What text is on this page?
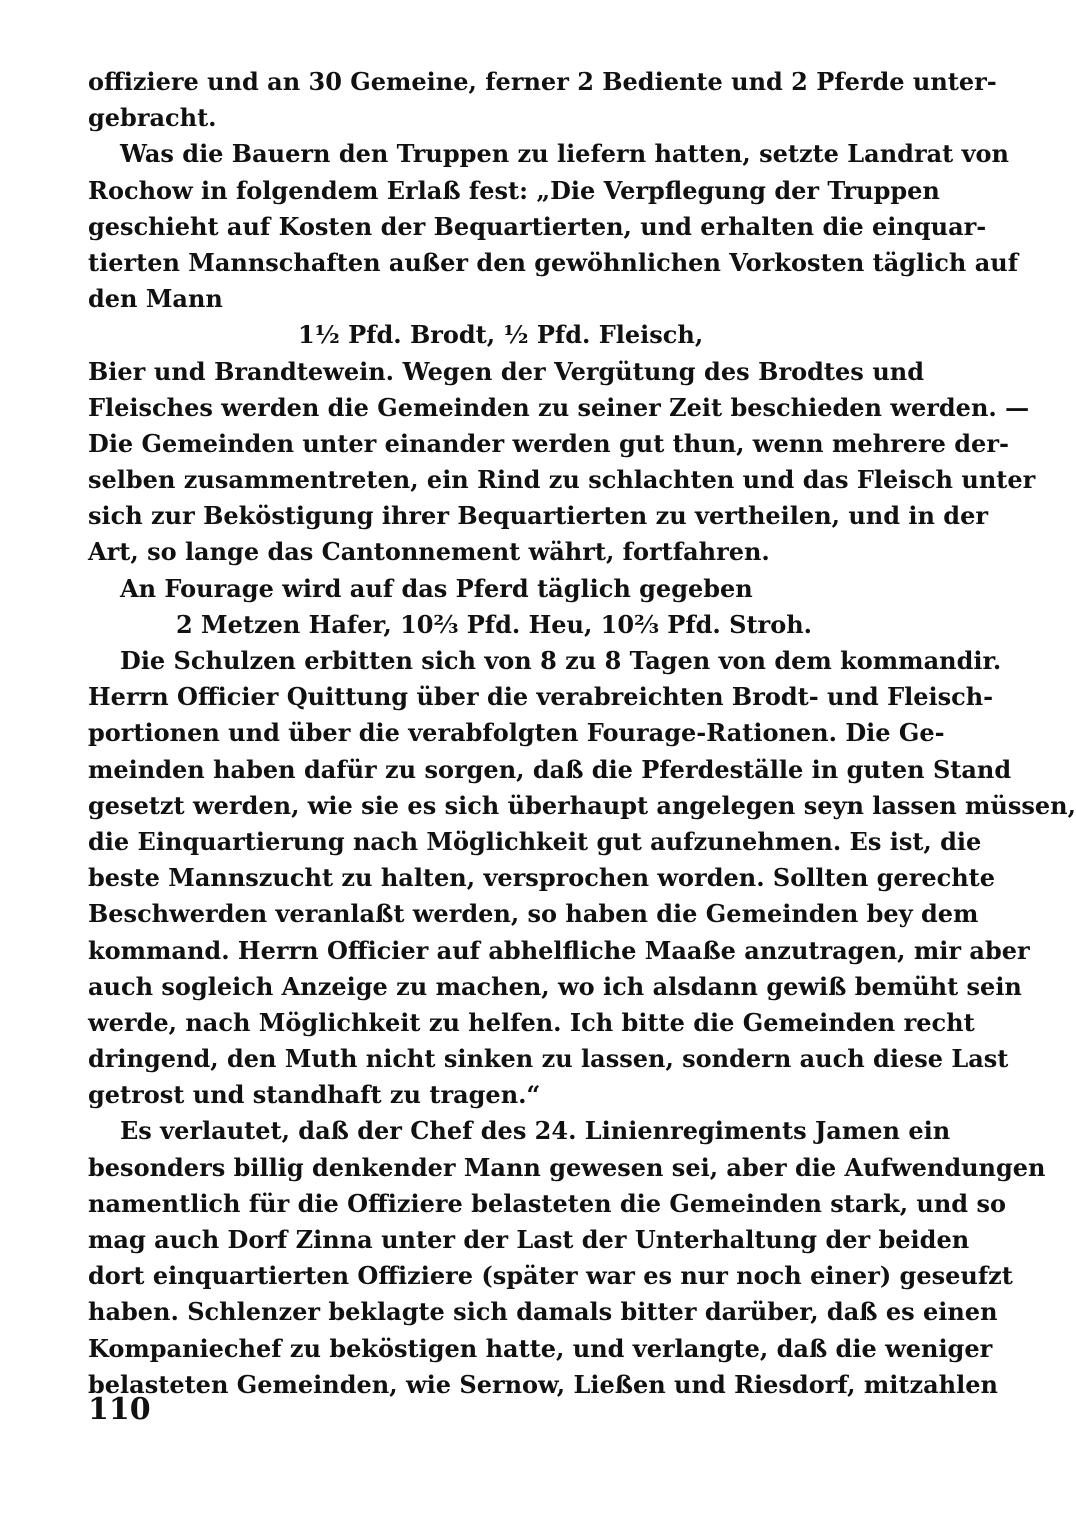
offiziere und an 30 Gemeine, ferner 2 Bediente und 2 Pferde unter-
gebracht.
Was die Bauern den Truppen zu liefern hatten, setzte Landrat von
Rochow in folgendem Erlaß fest: „Die Verpflegung der Truppen
geschieht auf Kosten der Bequartierten, und erhalten die einquar-
tierten Mannschaften außer den gewöhnlichen Vorkosten täglich auf
den Mann
1½ Pfd. Brodt, ½ Pfd. Fleisch,
Bier und Brandtewein. Wegen der Vergütung des Brodtes und
Fleisches werden die Gemeinden zu seiner Zeit beschieden werden. —
Die Gemeinden unter einander werden gut thun, wenn mehrere der-
selben zusammentreten, ein Rind zu schlachten und das Fleisch unter
sich zur Beköstigung ihrer Bequartierten zu vertheilen, und in der
Art, so lange das Cantonnement währt, fortfahren.
An Fourage wird auf das Pferd täglich gegeben
2 Metzen Hafer, 10⅔ Pfd. Heu, 10⅔ Pfd. Stroh.
Die Schulzen erbitten sich von 8 zu 8 Tagen von dem kommandir.
Herrn Officier Quittung über die verabreichten Brodt- und Fleisch-
portionen und über die verabfolgten Fourage-Rationen. Die Ge-
meinden haben dafür zu sorgen, daß die Pferdeställe in guten Stand
gesetzt werden, wie sie es sich überhaupt angelegen seyn lassen müssen,
die Einquartierung nach Möglichkeit gut aufzunehmen. Es ist, die
beste Mannszucht zu halten, versprochen worden. Sollten gerechte
Beschwerden veranlaßt werden, so haben die Gemeinden bey dem
kommand. Herrn Officier auf abhelfliche Maaße anzutragen, mir aber
auch sogleich Anzeige zu machen, wo ich alsdann gewiß bemüht sein
werde, nach Möglichkeit zu helfen. Ich bitte die Gemeinden recht
dringend, den Muth nicht sinken zu lassen, sondern auch diese Last
getrost und standhaft zu tragen.“
Es verlautet, daß der Chef des 24. Linienregiments Jamen ein
besonders billig denkender Mann gewesen sei, aber die Aufwendungen
namentlich für die Offiziere belasteten die Gemeinden stark, und so
mag auch Dorf Zinna unter der Last der Unterhaltung der beiden
dort einquartierten Offiziere (später war es nur noch einer) geseufzt
haben. Schlenzer beklagte sich damals bitter darüber, daß es einen
Kompaniechef zu beköstigen hatte, und verlangte, daß die weniger
belasteten Gemeinden, wie Sernow, Ließen und Riesdorf, mitzahlen
110
